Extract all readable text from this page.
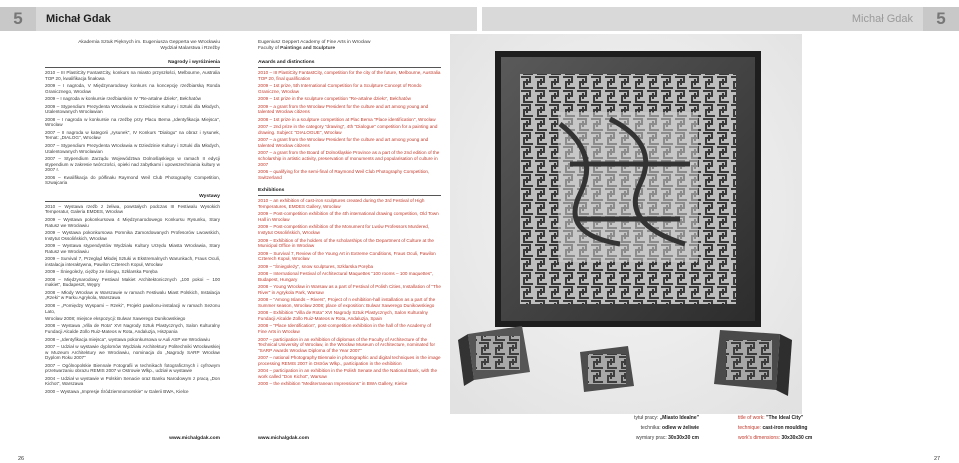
5	Michał Gdak	Michał Gdak	5
Akademia Sztuk Pięknych im. Eugeniusza Gepperta we Wrocławiu
Wydział Malarstwa i Rzeźby
Eugeniusz Geppert Academy of Fine Arts in Wrocław
Faculty of Paintings and Sculpture
Nagrody i wyróżnienia
2010 – III PlastiCity FantastCity, konkurs na miasto przyszłości, Melbourne, Australia TOP 20, kwalifikacja finałowa
2009 – I nagroda, V Międzynarodowy konkurs na koncepcję rzeźbiarską Ronda Granicznego, Wrocław
2009 – I nagroda w konkursie rzeźbiarskim IV "Re-artalne dzieło", Bełchatów
2009 – Stypendium Prezydenta Wrocławia w Dziedzinie Kultury i Sztuki dla Młodych, Utalentowanych Wrocławian
2008 – I nagroda w konkursie na rzeźbę przy Placu Bema „Identyfikacja Miejsca", Wrocław
2007 – II nagroda w kategorii „rysunek", IV Konkurs "Dialogu" na obraz i rysunek, Temat: „DIALOG", Wrocław
2007 – Stypendium Prezydenta Wrocławia w Dziedzinie Kultury i Sztuki dla Młodych, Utalentowanych Wrocławian
2007 – Stypendium Zarządu Województwa Dolnośląskiego w ramach II edycji stypendium w zakresie twórczości, opieki nad zabytkami i upowszechniania kultury w 2007 r.
2006 – Kwalifikacja do półfinału Raymond Weil Club Photography Competition, Szwajcaria
Wystawy
2010 – Wystawa rzeźb z żeliwa, powstałych podczas III Festiwalu Wysokich Temperatur, Galeria EMDES, Wrocław
2009 – Wystawa pokonkursowa 4 Międzynarodowego Konkursu Rysunku, Stary Ratusz we Wrocławiu
2009 – Wystawa pokonkursowa Pomnika Zamordowanych Profesorów Lwowskich, Instytut Ossolińskich, Wrocław
2009 – Wystawa stypendystów Wydziału Kultury Urzędu Miasta Wrocławia, Stary Ratusz we Wrocławiu
2009 – Survival 7, Przegląd Młodej Sztuki w Ekstremalnych Warunkach, Fraus Oculi, instalacja interaktywna, Pawilon Czterech Kopuł, Wrocław
2009 – Śniegoleży, ciężby ze śniegu, Szklarska Poręba
2008 – Międzynarodowy Festiwal Makiet Architektonicznych „100 pokoi – 100 makiet", Budapeszt, Węgry
2008 – Młody Wrocław w Warszawie w ramach Festiwalu Miast Polskich, Instalacja „Rzeki" w Parku Agrykola, Warszawa
2008 – „Pomiędzy Wyspami – Rzeki", Projekt pawilonu-instalacji w ramach Sezonu Lato,
Wrocław 2008; miejsce ekspozycji: Bulwar Xawerego Dunikowskiego
2008 – Wystawa „Villa de Rota" XVI Nagrody Sztuk Plastycznych, Salon Kulturalny Fundacji Alcalde Zollo Ruiz-Mateos w Rota, Andaluzja, Hiszpania
2008 – „Identyfikacja miejsca", wystawa pokonkursowa w Auli ASP we Wrocławiu
2007 – Udział w wystawie dyplomów Wydziału Architektury Politechniki Wrocławskiej w Muzeum Architektury we Wrocławiu, nominacja do „Nagrody SARP Wrocław Dyplom Roku 2007"
2007 – Ogólnopolskie Biennale Fotografii w technikach fotograficznych i cyfrowym przetwarzaniu obrazu REMIS 2007 w Ostrowie Wlkp., udział w wystawie
2004 – Udział w wystawie w Polskim Senacie oraz Banku Narodowym z pracą „Don Kichot", Warszawa
2000 – Wystawa „Impresje Śródziemnomorskie" w Galerii BWA, Kielce
Awards and distinctions
2010 – III PlastiCity FantastCity, competition for the city of the future, Melbourne, Australia TOP 20, final qualification
2009 – 1st prize, 5th International Competition for a Sculpture Concept of Rondo Graniczne, Wrocław
2009 – 1st prize in the sculpture competition "Re-artalne dzieło", Bełchatów
2009 – a grant from the Wrocław President for the culture and art among young and talented Wrocław citizens
2008 – 1st prize in a sculpture competition at Plac Bema "Place identification", Wrocław
2007 – 2nd prize in the category "drawing", 4th "Dialogue" competition for a painting and drawing. Subject: "DIALOGUE", Wrocław
2007 – a grant from the Wrocław President for the culture and art among young and talented Wrocław citizens
2007 – a grant from the Board of Dolnośląskie Province as a part of the 2nd edition of the scholarship in artistic activity, preservation of monuments and popularisation of culture in 2007
2006 – qualifying for the semi-final of Raymond Weil Club Photography Competition, Switzerland
Exhibitions
2010 – an exhibition of cast-iron sculptures created during the 3rd Festival of High Temperatures, EMDES Gallery, Wrocław
2009 – Post-competition exhibition of the 4th international drawing competition, Old Town Hall in Wrocław
2009 – Post-competition exhibition of the Monument for Lwów Professors Murdered, Instytut Ossolińskich, Wrocław
2009 – Exhibition of the holders of the scholarships of the Department of Culture at the Municipal Office in Wrocław
2009 – Survival 7, Review of the Young Art in Extreme Conditions, Fraus Oculi, Pawilon Czterech Kopuł, Wrocław
2009 – "Śniegoleży", snow sculptures, Szklarska Poręba
2008 – International Festival of Architectural Maquettes "100 rooms – 100 maquettes", Budapest, Hungary
2008 – Young Wrocław in Warsaw as a part of Festival of Polish Cities, Installation of "The River" in Agrykola Park, Warsaw
2008 – "Among Islands – Rivers", Project of n exhibition-hall installation as a part of the Summer season, Wrocław 2008; place of exposition: Bulwar Xawerego Dunikowskiego
2008 – Exhibition "Villa de Rota" XVI Nagrody Sztuk Plastycznych, Salon Kulturalny Fundacji Alcalde Zollo Ruiz-Mateos w Rota, Andaluzja, Spain
2008 – "Place Identification", post-competition exhibition in the hall of the Academy of Fine Arts in Wrocław
2007 – participation in an exhibition of diplomas of the Faculty of Architecture of the Technical University of Wrocław, in the Wrocław Museum of Architecture, nominated for "SARP Awards Wrocław Diploma of the Year 2007"
2007 – national Photography Biennale in photographic and digital techniques in the image processing REMIS 2007 in Ostrów Wlkp., participation in the exhibition
2004 – participation in an exhibition in the Polish Senate and the National Bank, with the work called "Don Kichot", Warsaw
2000 – the exhibition "Mediterranean Impressions" in BWA Gallery, Kielce
www.michalgdak.com	www.michalgdak.com
tytuł pracy: „Miasto Idealne"
technika: odlew w żeliwie
wymiary prac: 30x30x30 cm
title of work: "The Ideal City"
technique: cast-iron moulding
work's dimensions: 30x30x30 cm
26	27
